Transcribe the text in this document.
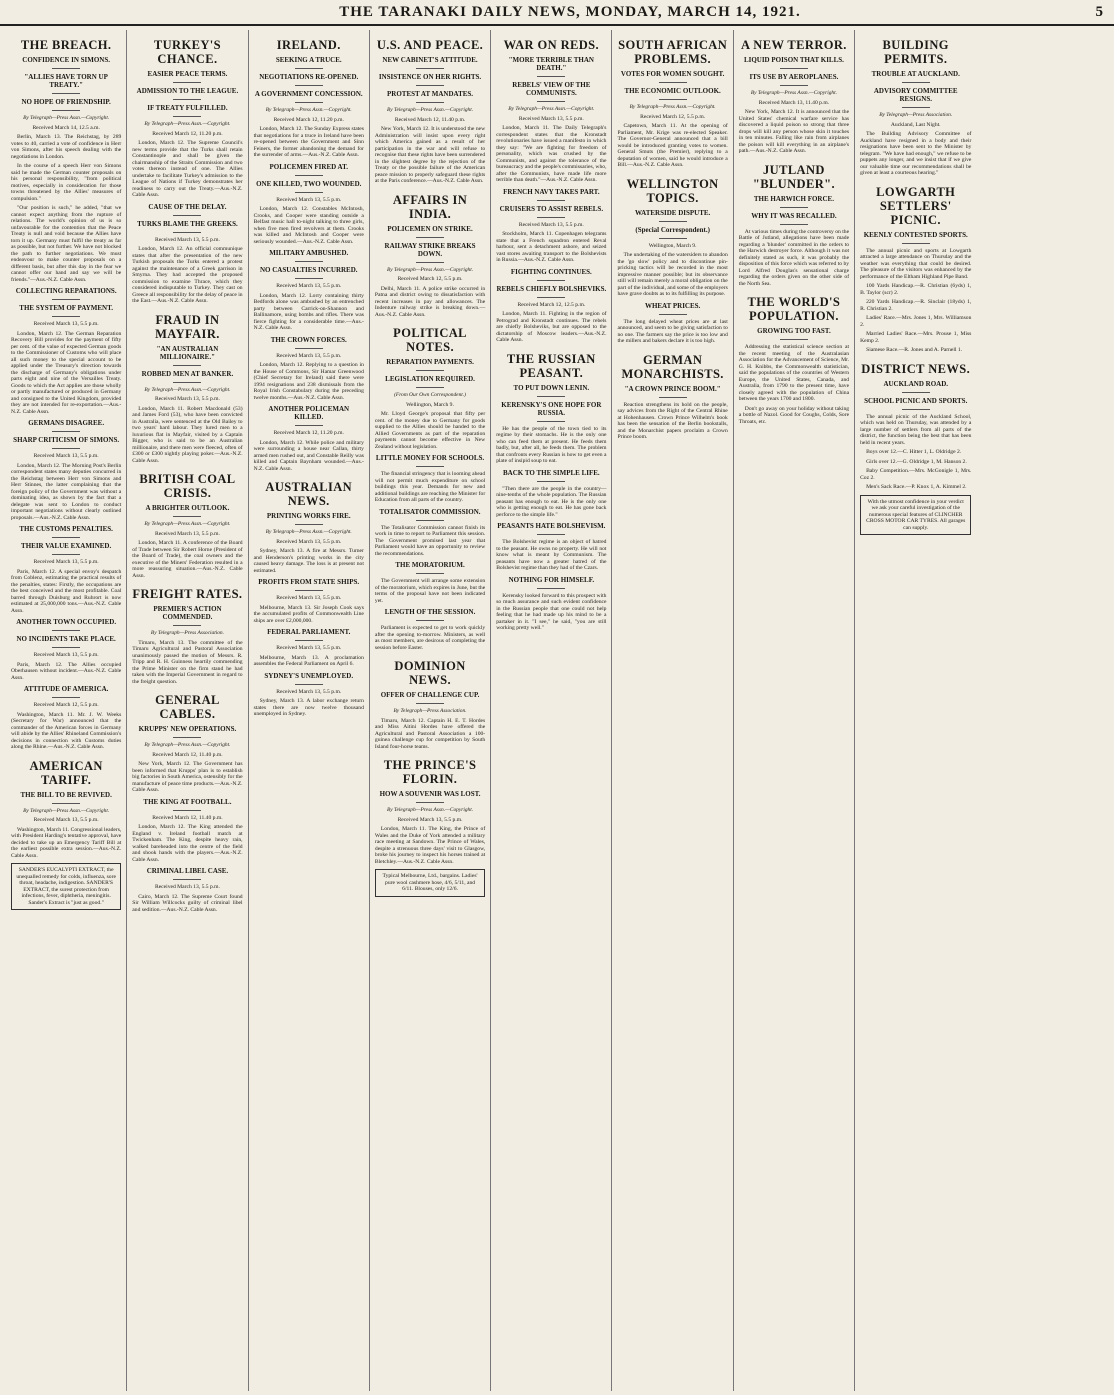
THE TARANAKI DAILY NEWS, MONDAY, MARCH 14, 1921.	5
THE BREACH.
CONFIDENCE IN SIMONS.
"ALLIES HAVE TORN UP TREATY."
NO HOPE OF FRIENDSHIP.

By Telegraph—Press Assn.—Copyright.

Received March 14, 12.5 a.m.

Berlin, March 13. The Reichstag, by 289 votes to 40, carried a vote of confidence in Herr von Simons, after his speech dealing with the negotiations in London.

In the course of a speech Herr von Simons said he made the German counter proposals on his personal responsibility, "from political motives, especially in consideration for those towns threatened by the Allies' measures of compulsion."

"Our position is such," he added, "that we cannot expect anything from the rupture of relations. The world's opinion of us is so unfavourable for the contention that the Peace Treaty is null and void because the Allies have torn it up. Germany must fulfil the treaty as far as possible, but not further. We have not blocked the path to further negotiations. We must endeavour to make counter proposals on a different basis, but after this day in the fear we cannot offer our hand and say we will be friends."—Aus.-N.Z. Cable Assn.

COLLECTING REPARATIONS.
THE SYSTEM OF PAYMENT.

Received March 13, 5.5 p.m.

London, March 12. The German Reparation Recovery Bill provides for the payment of fifty per cent. of the value of expected German goods to the Commissioner of Customs who will place all such money to the special account to be applied under the Treasury's direction towards the discharge of Germany's obligations under parts eight and nine of the Versailles Treaty. Goods to which the Act applies are those wholly or partly manufactured or produced in Germany and consigned to the United Kingdom, provided they are not intended for re-exportation.—Aus.-N.Z. Cable Assn.

GERMANS DISAGREE.
SHARP CRITICISM OF SIMONS.

Received March 13, 5.5 p.m.

London, March 12. The Morning Post's Berlin correspondent states many deputies concurred in the Reichstag between Herr von Simons and Herr Stinnes, the latter complaining that the foreign policy of the Government was without a dominating idea, as shown by the fact that a delegate was sent to London to conduct important negotiations without clearly outlined proposals.—Aus.-N.Z. Cable Assn.

THE CUSTOMS PENALTIES.
THEIR VALUE EXAMINED.

Received March 13, 5.5 p.m.

Paris, March 12. A special envoy's despatch from Coblenz, estimating the practical results of the penalties, states: Firstly, the occupations are the best conceived and the most profitable. Coal barred through Duisburg and Ruhrort is now estimated at 25,000,000 tons.—Aus.-N.Z. Cable Assn.

ANOTHER TOWN OCCUPIED.
NO INCIDENTS TAKE PLACE.

Received March 13, 5.5 p.m.

Paris, March 12. The Allies occupied Oberhausen without incident.—Aus.-N.Z. Cable Assn.

ATTITUDE OF AMERICA.

Received March 12, 5.5 p.m.

Washington, March 11. Mr. J. W. Weeks (Secretary for War) announced that the commander of the American forces in Germany will abide by the Allies' Rhineland Commission's decisions in connection with Customs duties along the Rhine.—Aus.-N.Z. Cable Assn.

AMERICAN TARIFF.
THE BILL TO BE REVIVED.

By Telegraph—Press Assn.—Copyright.

Received March 13, 5.5 p.m.

Washington, March 11. Congressional leaders, with President Harding's tentative approval, have decided to take up an Emergency Tariff Bill at the earliest possible extra session.—Aus.-N.Z. Cable Assn.

SANDER'S EUCALYPTI EXTRACT, the unequalled remedy for colds, influenza, sore throat, headache, indigestion. SANDER'S EXTRACT, the surest protection from infections, fever, diphtheria, meningitis. Sander's Extract is "just as good."
TURKEY'S CHANCE.
EASIER PEACE TERMS.
ADMISSION TO THE LEAGUE.
IF TREATY FULFILLED.

By Telegraph—Press Assn.—Copyright.

Received March 12, 11.20 p.m.

London, March 12. The Supreme Council's new terms provide that the Turks shall retain Constantinople and shall be given the chairmanship of the Straits Commission and two votes thereon instead of one. The Allies undertake to facilitate Turkey's admission to the League of Nations if Turkey demonstrates her readiness to carry out the Treaty.—Aus.-N.Z. Cable Assn.

CAUSE OF THE DELAY.
TURKS BLAME THE GREEKS.

Received March 13, 5.5 p.m.

London, March 12. An official communique states that after the presentation of the new Turkish proposals the Turks entered a protest against the maintenance of a Greek garrison in Smyrna. They had accepted the proposed commission to examine Thrace, which they considered indisputable to Turkey. They cast on Greece all responsibility for the delay of peace in the East.—Aus.-N.Z. Cable Assn.

FRAUD IN MAYFAIR.
"AN AUSTRALIAN MILLIONAIRE."
ROBBED MEN AT BANKER.

By Telegraph—Press Assn.—Copyright.

Received March 13, 5.5 p.m.

London, March 11. Robert Macdonald (53) and James Ford (53), who have been convicted in Australia, were sentenced at the Old Bailey to two years' hard labour. They lured men to a luxurious flat in Mayfair, visited by a Captain Bigger, who is said to be an Australian millionaire, and there men were fleeced, often of £300 or £300 nightly playing poker.—Aus.-N.Z. Cable Assn.

BRITISH COAL CRISIS.
A BRIGHTER OUTLOOK.

By Telegraph—Press Assn.—Copyright.

Received March 13, 5.5 p.m.

London, March 11. A conference of the Board of Trade between Sir Robert Horne (President of the Board of Trade), the coal owners and the executive of the Miners' Federation resulted in a more reassuring situation.—Aus.-N.Z. Cable Assn.

FREIGHT RATES.
PREMIER'S ACTION COMMENDED.

By Telegraph—Press Association.

Timaru, March 13. The committee of the Timaru Agricultural and Pastoral Association unanimously passed the motion of Messrs. R. Tripp and R. H. Guinness heartily commending the Prime Minister on the firm stand he had taken with the Imperial Government in regard to the freight question.

GENERAL CABLES.
KRUPPS' NEW OPERATIONS.

By Telegraph—Press Assn.—Copyright.

Received March 12, 11.40 p.m.

New York, March 12. The Government has been informed that Krupps' plan is to establish big factories in South America, ostensibly for the manufacture of peace time products.—Aus.-N.Z. Cable Assn.

THE KING AT FOOTBALL.

Received March 12, 11.40 p.m.

London, March 12. The King attended the England v. Ireland football match at Twickenham. The King, despite heavy rain, walked bareheaded into the centre of the field and shook hands with the players.—Aus.-N.Z. Cable Assn.

CRIMINAL LIBEL CASE.

Received March 13, 5.5 p.m.

Cairo, March 12. The Supreme Court found Sir William Willcocks guilty of criminal libel and sedition.—Aus.-N.Z. Cable Assn.

IRELAND.
SEEKING A TRUCE.
NEGOTIATIONS RE-OPENED.
A GOVERNMENT CONCESSION.

By Telegraph—Press Assn.—Copyright.

Received March 12, 11.20 p.m.

London, March 12. The Sunday Express states that negotiations for a truce in Ireland have been re-opened between the Government and Sinn Feiners, the former abandoning the demand for the surrender of arms.—Aus.-N.Z. Cable Assn.

POLICEMEN FIRED AT.
ONE KILLED, TWO WOUNDED.

Received March 13, 5.5 p.m.

London, March 12. Constables McIntosh, Crooks, and Cooper were standing outside a Belfast music hall to-night talking to three girls, when five men fired revolvers at them. Crooks was killed and McIntosh and Cooper were seriously wounded.—Aus.-N.Z. Cable Assn.

MILITARY AMBUSHED.
NO CASUALTIES INCURRED.

Received March 13, 5.5 p.m.

London, March 12. Lorry containing thirty Bedfords alone was ambushed by an entrenched party between Carrick-on-Shannon and Ballinamore, using bombs and rifles. There was fierce fighting for a considerable time.—Aus.-N.Z. Cable Assn.

THE CROWN FORCES.

Received March 13, 5.5 p.m.

London, March 12. Replying to a question in the House of Commons, Sir Hamar Greenwood (Chief Secretary for Ireland) said there were 1994 resignations and 238 dismissals from the Royal Irish Constabulary during the preceding twelve months.—Aus.-N.Z. Cable Assn.

ANOTHER POLICEMAN KILLED.

Received March 12, 11.20 p.m.

London, March 12. While police and military were surrounding a house near Callan, thirty armed men rushed out, and Constable Reilly was killed and Captain Baynham wounded.—Aus.-N.Z. Cable Assn.

AUSTRALIAN NEWS.
PRINTING WORKS FIRE.

By Telegraph—Press Assn.—Copyright.

Received March 13, 5.5 p.m.

Sydney, March 13. A fire at Messrs. Turner and Henderson's printing works in the city caused heavy damage. The loss is at present not estimated.

PROFITS FROM STATE SHIPS.

Received March 13, 5.5 p.m.

Melbourne, March 13. Sir Joseph Cook says the accumulated profits of Commonwealth Line ships are over £2,000,000.

FEDERAL PARLIAMENT.

Received March 13, 5.5 p.m.

Melbourne, March 13. A proclamation assembles the Federal Parliament on April 6.

SYDNEY'S UNEMPLOYED.

Received March 13, 5.5 p.m.

Sydney, March 13. A labor exchange return states there are now twelve thousand unemployed in Sydney.

U.S. AND PEACE.
NEW CABINET'S ATTITUDE.
INSISTENCE ON HER RIGHTS.
PROTEST AT MANDATES.

By Telegraph—Press Assn.—Copyright.

Received March 12, 11.40 p.m.

New York, March 12. It is understood the new Administration will insist upon every right which America gained as a result of her participation in the war and will refuse to recognise that these rights have been surrendered in the slightest degree by the rejection of the Treaty or the possible failure of the American peace mission to properly safeguard these rights at the Paris conference.—Aus.-N.Z. Cable Assn.

AFFAIRS IN INDIA.
POLICEMEN ON STRIKE.
RAILWAY STRIKE BREAKS DOWN.

By Telegraph—Press Assn.—Copyright.

Received March 12, 5.5 p.m.

Delhi, March 11. A police strike occurred in Patna and district owing to dissatisfaction with recent increases in pay and allowances. The Indenture railway strike is breaking down.—Aus.-N.Z. Cable Assn.

POLITICAL NOTES.
REPARATION PAYMENTS.
LEGISLATION REQUIRED.

(From Our Own Correspondent.)

Wellington, March 9.

Mr. Lloyd George's proposal that fifty per cent. of the money due to Germany for goods supplied to the Allies should be handed to the Allied Governments as part of the reparation payments cannot become effective in New Zealand without legislation.

LITTLE MONEY FOR SCHOOLS.

The financial stringency that is looming ahead will not permit much expenditure on school buildings this year. Demands for new and additional buildings are reaching the Minister for Education from all parts of the country.

TOTALISATOR COMMISSION.

The Totalisator Commission cannot finish its work in time to report to Parliament this session. The Government promised last year that Parliament would have an opportunity to review the recommendations.

THE MORATORIUM.

The Government will arrange some extension of the moratorium, which expires in June, but the terms of the proposal have not been indicated yet.

LENGTH OF THE SESSION.

Parliament is expected to get to work quickly after the opening to-morrow. Ministers, as well as most members, are desirous of completing the session before Easter.

DOMINION NEWS.
OFFER OF CHALLENGE CUP.

By Telegraph—Press Association.

Timaru, March 12. Captain H. E. T. Hordes and Miss Aitini Hordes have offered the Agricultural and Pastoral Association a 100-guinea challenge cup for competition by South Island four-horse teams.

THE PRINCE'S FLORIN.
HOW A SOUVENIR WAS LOST.

By Telegraph—Press Assn.—Copyright.

Received March 13, 5.5 p.m.

London, March 11. The King, the Prince of Wales and the Duke of York attended a military race meeting at Sandown. The Prince of Wales, despite a strenuous three days' visit to Glasgow, broke his journey to inspect his horses trained at Bletchley.—Aus.-N.Z. Cable Assn.

Typical Melbourne, Ltd., bargains. Ladies' pure wool cashmere hose, 4/6, 5/11, and 6/11. Blouses, only 12/6.
WAR ON REDS.
"MORE TERRIBLE THAN DEATH."
REBELS' VIEW OF THE COMMUNISTS.

By Telegraph—Press Assn.—Copyright.

Received March 13, 5.5 p.m.

London, March 11. The Daily Telegraph's correspondent states that the Kronstadt revolutionaries have issued a manifesto in which they say: "We are fighting for freedom of personality, which was crushed by the Communists, and against the tolerance of the bureaucracy and the people's commissaries, who, after the Communists, have made life more terrible than death."—Aus.-N.Z. Cable Assn.

FRENCH NAVY TAKES PART.
CRUISERS TO ASSIST REBELS.

Received March 13, 5.5 p.m.

Stockholm, March 11. Copenhagen telegrams state that a French squadron entered Reval harbour, sent a detachment ashore, and seized vast stores awaiting transport to the Bolshevists in Russia.—Aus.-N.Z. Cable Assn.

FIGHTING CONTINUES.
REBELS CHIEFLY BOLSHEVIKS.

Received March 12, 12.5 p.m.

London, March 11. Fighting in the region of Petrograd and Kronstadt continues. The rebels are chiefly Bolsheviks, but are opposed to the dictatorship of Moscow leaders.—Aus.-N.Z. Cable Assn.

THE RUSSIAN PEASANT.
TO PUT DOWN LENIN.
KERENSKY'S ONE HOPE FOR RUSSIA.

He has the people of the town tied to its regime by their stomachs. He is the only one who can feed them at present. He feeds them badly, but, after all, he feeds them. The problem that confronts every Russian is how to get even a plate of insipid soup to eat.

BACK TO THE SIMPLE LIFE.

"Then there are the people in the country—nine-tenths of the whole population. The Russian peasant has enough to eat. He is the only one who is getting enough to eat. He has gone back perforce to the simple life."

PEASANTS HATE BOLSHEVISM.

The Bolshevist regime is an object of hatred to the peasant. He owns no property. He will not know what is meant by Communism. The peasants have now a greater hatred of the Bolshevist regime than they had of the Czars.

NOTHING FOR HIMSELF.

Kerensky looked forward to this prospect with so much assurance and such evident confidence in the Russian people that one could not help feeling that he had made up his mind to be a partaker in it. "I see," he said, "you are still working pretty well."

SOUTH AFRICAN PROBLEMS.
VOTES FOR WOMEN SOUGHT.
THE ECONOMIC OUTLOOK.

By Telegraph—Press Assn.—Copyright.

Received March 12, 5.5 p.m.

Capetown, March 11. At the opening of Parliament, Mr. Krige was re-elected Speaker. The Governor-General announced that a bill would be introduced granting votes to women. General Smuts (the Premier), replying to a deputation of women, said he would introduce a Bill.—Aus.-N.Z. Cable Assn.

WELLINGTON TOPICS.
WATERSIDE DISPUTE.
(Special Correspondent.)

Wellington, March 9.

The undertaking of the watersiders to abandon the 'go slow' policy and to discontinue pin-pricking tactics will be recorded in the most impressive manner possible; but its observance still will remain merely a moral obligation on the part of the individual, and some of the employers have grave doubts as to its fulfilling its purpose.

WHEAT PRICES.

The long delayed wheat prices are at last announced, and seem to be giving satisfaction to no one. The farmers say the price is too low and the millers and bakers declare it is too high.

GERMAN MONARCHISTS.
"A CROWN PRINCE BOOM."

Reaction strengthens its hold on the people, say advices from the Right of the Central Rhine at Hohenhausen. Crown Prince Wilhelm's book has been the sensation of the Berlin bookstalls, and the Monarchist papers proclaim a Crown Prince boom.

A NEW TERROR.
LIQUID POISON THAT KILLS.
ITS USE BY AEROPLANES.

By Telegraph—Press Assn.—Copyright.

Received March 13, 11.40 p.m.

New York, March 12. It is announced that the United States' chemical warfare service has discovered a liquid poison so strong that three drops will kill any person whose skin it touches in ten minutes. Falling like rain from airplanes the poison will kill everything in an airplane's path.—Aus.-N.Z. Cable Assn.

JUTLAND "BLUNDER".
THE HARWICH FORCE.
WHY IT WAS RECALLED.

At various times during the controversy on the Battle of Jutland, allegations have been made regarding a 'blunder' committed in the orders to the Harwich destroyer force. Although it was not definitely stated as such, it was probably the disposition of this force which was referred to by Lord Alfred Douglas's sensational charge regarding the orders given on the other side of the North Sea.

THE WORLD'S POPULATION.
GROWING TOO FAST.

Addressing the statistical science section at the recent meeting of the Australasian Association for the Advancement of Science, Mr. G. H. Knibbs, the Commonwealth statistician, said the populations of the countries of Western Europe, the United States, Canada, and Australia, from 1790 to the present time, have closely agreed with the population of China between the years 1700 and 1800.

Don't go away on your holiday without taking a bottle of Nazol. Good for Coughs, Colds, Sore Throats, etc.

BUILDING PERMITS.
TROUBLE AT AUCKLAND.
ADVISORY COMMITTEE RESIGNS.

By Telegraph—Press Association.

Auckland, Last Night.

The Building Advisory Committee of Auckland have resigned in a body and their resignations have been sent to the Minister by telegram. "We have had enough," we refuse to be puppets any longer, and we insist that if we give our valuable time our recommendations shall be given at least a courteous hearing."

LOWGARTH SETTLERS' PICNIC.
KEENLY CONTESTED SPORTS.

The annual picnic and sports at Lowgarth attracted a large attendance on Thursday and the weather was everything that could be desired. The pleasure of the visitors was enhanced by the performance of the Eltham Highland Pipe Band.

100 Yards Handicap.—R. Christian (6yds) 1, B. Taylor (scr) 2.

220 Yards Handicap.—R. Sinclair (18yds) 1, R. Christian 2.

Ladies' Race.—Mrs. Jones 1, Mrs. Williamson 2.

Married Ladies' Race.—Mrs. Prouse 1, Miss Kemp 2.

Siamese Race.—R. Jones and A. Parnell 1.

DISTRICT NEWS.
AUCKLAND ROAD.
SCHOOL PICNIC AND SPORTS.

The annual picnic of the Auckland School, which was held on Thursday, was attended by a large number of settlers from all parts of the district, the function being the best that has been held in recent years.

Boys over 12.—C. Hitter 1, L. Oldridge 2.

Girls over 12.—G. Oldridge 1, M. Hanson 2.

Baby Competition.—Mrs. McGonigle 1, Mrs. Coz 2.

Men's Sack Race.—P. Knox 1, A. Kimmel 2.

With the utmost confidence in your verdict we ask your careful investigation of the numerous special features of CLINCHER CROSS MOTOR CAR TYRES. All garages can supply.
